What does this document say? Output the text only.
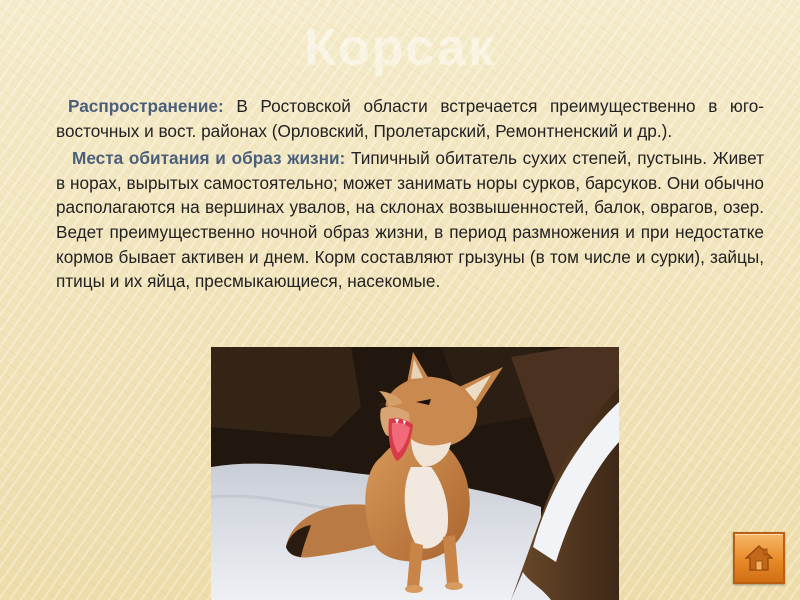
Корсак

Распространение: В Ростовской области встречается преимущественно в юго-восточных и вост. районах (Орловский, Пролетарский, Ремонтненский и др.).

Места обитания и образ жизни: Типичный обитатель сухих степей, пустынь. Живет в норах, вырытых самостоятельно; может занимать норы сурков, барсуков. Они обычно располагаются на вершинах увалов, на склонах возвышенностей, балок, оврагов, озер. Ведет преимущественно ночной образ жизни, в период размножения и при недостатке кормов бывает активен и днем. Корм составляют грызуны (в том числе и сурки), зайцы, птицы и их яйца, пресмыкающиеся, насекомые.
